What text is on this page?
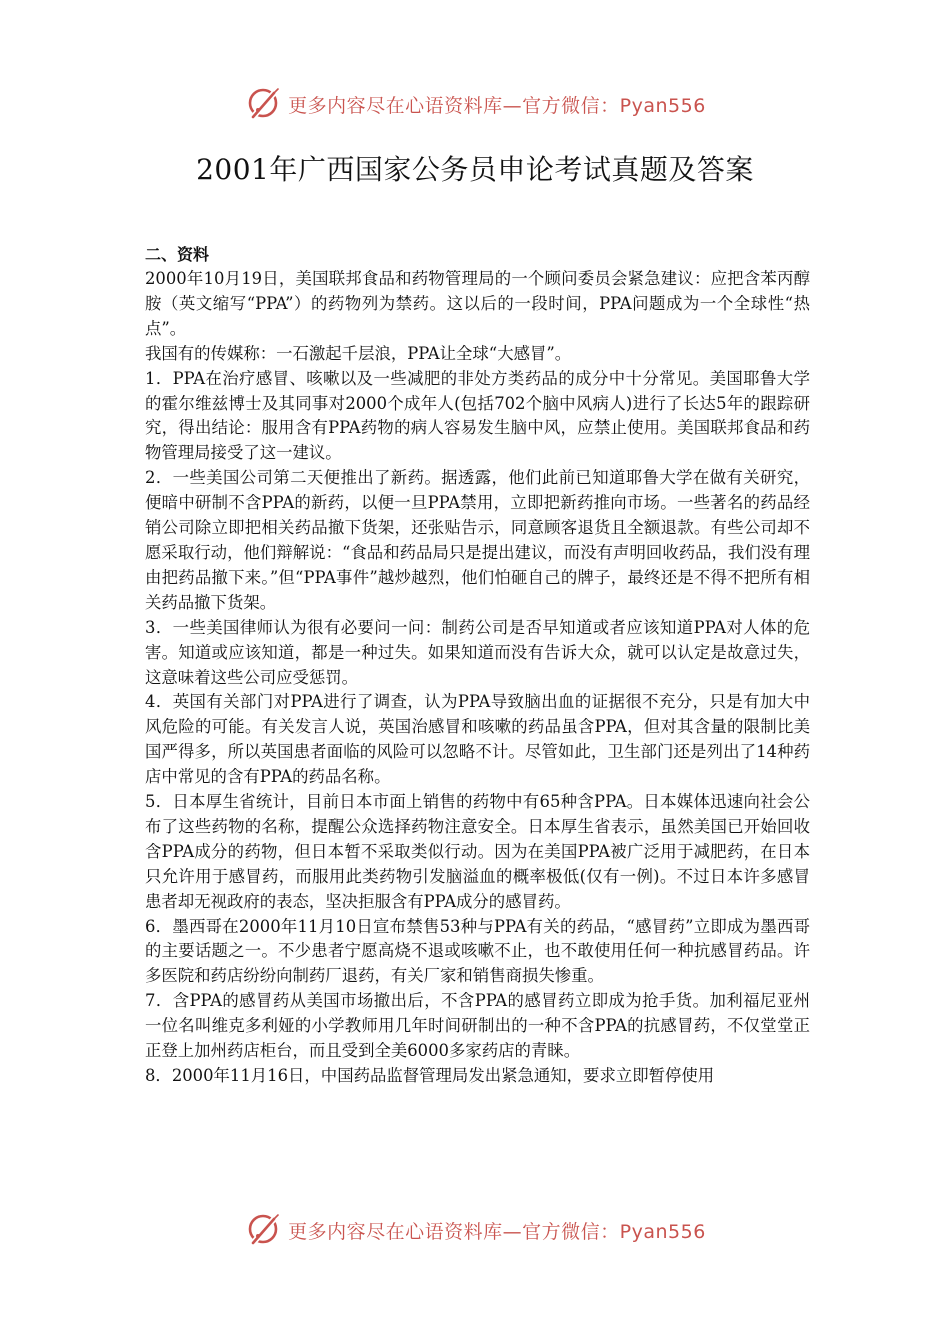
更多内容尽在心语资料库—官方微信：Pyan556
2001年广西国家公务员申论考试真题及答案

二、资料

2000年10月19日，美国联邦食品和药物管理局的一个顾问委员会紧急建议：应把含苯丙醇胺（英文缩写“PPA”）的药物列为禁药。这以后的一段时间，PPA问题成为一个全球性“热点”。

我国有的传媒称：一石激起千层浪，PPA让全球“大感冒”。

1．PPA在治疗感冒、咳嗽以及一些减肥的非处方类药品的成分中十分常见。美国耶鲁大学的霍尔维兹博士及其同事对2000个成年人(包括702个脑中风病人)进行了长达5年的跟踪研究，得出结论：服用含有PPA药物的病人容易发生脑中风，应禁止使用。美国联邦食品和药物管理局接受了这一建议。

2．一些美国公司第二天便推出了新药。据透露，他们此前已知道耶鲁大学在做有关研究，便暗中研制不含PPA的新药，以便一旦PPA禁用，立即把新药推向市场。一些著名的药品经销公司除立即把相关药品撤下货架，还张贴告示，同意顾客退货且全额退款。有些公司却不愿采取行动，他们辩解说：“食品和药品局只是提出建议，而没有声明回收药品，我们没有理由把药品撤下来。”但“PPA事件”越炒越烈，他们怕砸自己的牌子，最终还是不得不把所有相关药品撤下货架。

3．一些美国律师认为很有必要问一问：制药公司是否早知道或者应该知道PPA对人体的危害。知道或应该知道，都是一种过失。如果知道而没有告诉大众，就可以认定是故意过失，这意味着这些公司应受惩罚。

4．英国有关部门对PPA进行了调查，认为PPA导致脑出血的证据很不充分，只是有加大中风危险的可能。有关发言人说，英国治感冒和咳嗽的药品虽含PPA，但对其含量的限制比美国严得多，所以英国患者面临的风险可以忽略不计。尽管如此，卫生部门还是列出了14种药店中常见的含有PPA的药品名称。

5．日本厚生省统计，目前日本市面上销售的药物中有65种含PPA。日本媒体迅速向社会公布了这些药物的名称，提醒公众选择药物注意安全。日本厚生省表示，虽然美国已开始回收含PPA成分的药物，但日本暂不采取类似行动。因为在美国PPA被广泛用于减肥药，在日本只允许用于感冒药，而服用此类药物引发脑溢血的概率极低(仅有一例)。不过日本许多感冒患者却无视政府的表态，坚决拒服含有PPA成分的感冒药。

6．墨西哥在2000年11月10日宣布禁售53种与PPA有关的药品，“感冒药”立即成为墨西哥的主要话题之一。不少患者宁愿高烧不退或咳嗽不止，也不敢使用任何一种抗感冒药品。许多医院和药店纷纷向制药厂退药，有关厂家和销售商损失惨重。

7．含PPA的感冒药从美国市场撤出后，不含PPA的感冒药立即成为抢手货。加利福尼亚州一位名叫维克多利娅的小学教师用几年时间研制出的一种不含PPA的抗感冒药，不仅堂堂正正登上加州药店柜台，而且受到全美6000多家药店的青睐。

8．2000年11月16日，中国药品监督管理局发出紧急通知，要求立即暂停使用

更多内容尽在心语资料库—官方微信：Pyan556
